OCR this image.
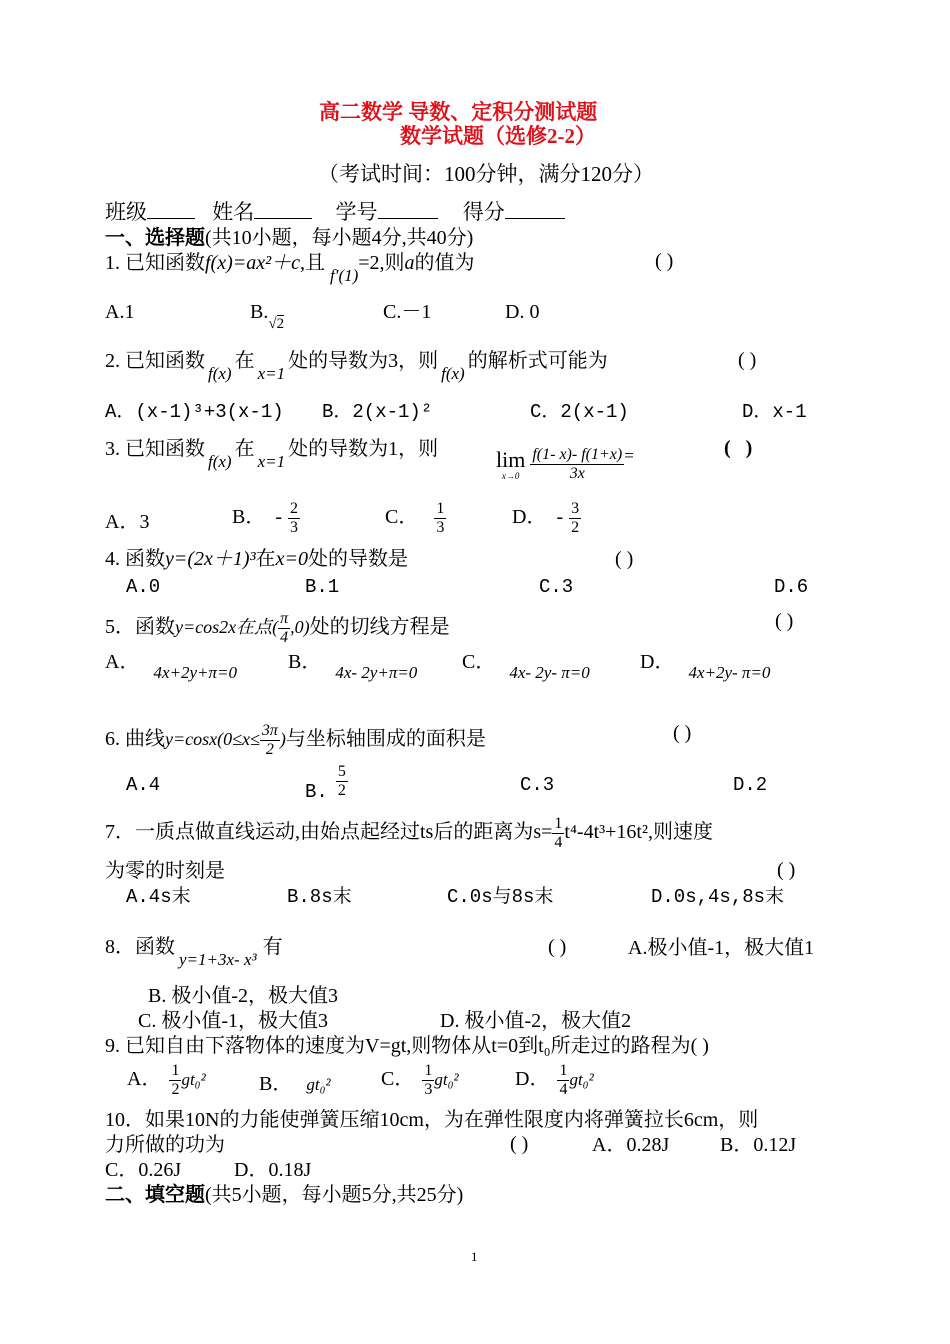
高二数学 导数、定积分测试题
数学试题（选修2-2）
（考试时间：100分钟，满分120分）
班级	姓名	学号	得分
一、选择题(共10小题，每小题4分,共40分)
1. 已知函数f(x)=ax²＋c,且 $_{f'(1)}$=2,则a的值为	( )
A.1	$B._{√2}$
C.－1	D. 0
2. 已知函数$_{f(x)}$在$_{x=1}$处的导数为3，则$_{f(x)}$的解析式可能为	( )
A．(x-1)³+3(x-1) B．2(x-1)²	C．2(x-1)	D．x-1
3. 已知函数$_{f(x)}$在$_{x=1}$处的导数为1，则	lim
x→0
$\frac{f(1- x)- f(1+x)}{3x} ^=$	(   )
A．3	B． - $\frac{2}{3}$	C． $\frac{1}{3}$	D． - $\frac{3}{2}$
4. 函数y=(2x＋1)³在x=0处的导数是	( )
A.0	B.1	C.3	D.6
5．函数y=cos2x在点( $\frac{\pi}{4} ,0$)处的切线方程是	( )
A． $_{4x+2y+\pi=0}$	B． $_{4x- 2y+\pi=0}$ C． $_{4x- 2y- \pi=0}$	D． $_{4x+2y- \pi=0}$
6. 曲线$y=\cos x(0\le x\le \frac{3\pi}{2}$ )与坐标轴围成的面积是	( )
A.4	B. $\frac{5}{2}$	C.3	D.2
7．一质点做直线运动,由始点起经过ts后的距离为$s= \frac{1}{4} t^4-4t^3+16t^2$,则速度
为零的时刻是	( )
A.4s末	B.8s末	C.0s与8s末	D.0s,4s,8s末
8．函数$_{y=1+3x- x^3}$有	( )	A.极小值-1，极大值1
B. 极小值-2，极大值3
C. 极小值-1，极大值3	D. 极小值-2，极大值2
9. 已知自由下落物体的速度为V=gt,则物体从t=0到t₀所走过的路程为( )
A． $\frac{1}{2} gt_0^2$	B． gt₀²	C． $\frac{1}{3} gt_0^2$	D． $\frac{1}{4} gt_0^2$
10．如果10N的力能使弹簧压缩10cm，为在弹性限度内将弹簧拉长6cm，则
力所做的功为	( )	A．0.28J	B．0.12J
C．0.26J	D．0.18J
二、填空题(共5小题，每小题5分,共25分)
1
